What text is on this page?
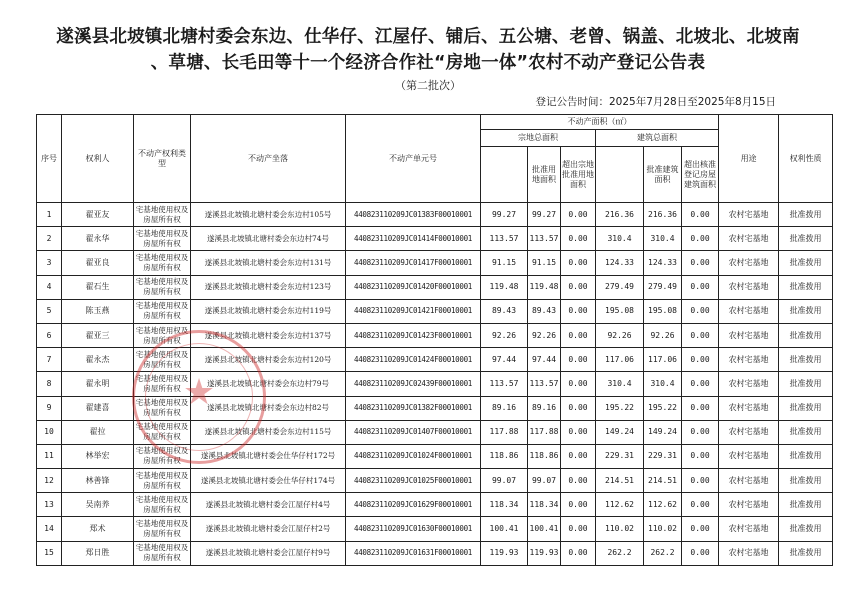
遂溪县北坡镇北塘村委会东边、仕华仔、江屋仔、铺后、五公塘、老曾、锅盖、北坡北、北坡南
、草塘、长毛田等十一个经济合作社“房地一体”农村不动产登记公告表
（第二批次）
登记公告时间：2025年7月28日至2025年8月15日
序号	权利人	不动产权利类型	不动产坐落	不动产单元号	不动产面积（㎡）						用途	权利性质
					宗地总面积			建筑总面积				
						批准用地面积	超出宗地批准用地面积		批准建筑面积	超出核准登记房屋建筑面积		
1	翟亚友	宅基地使用权及房屋所有权	遂溪县北坡镇北塘村委会东边村105号	440823110209JC01383F00010001	99.27	99.27	0.00	216.36	216.36	0.00	农村宅基地	批准拨用
2	翟永华	宅基地使用权及房屋所有权	遂溪县北坡镇北塘村委会东边村74号	440823110209JC01414F00010001	113.57	113.57	0.00	310.4	310.4	0.00	农村宅基地	批准拨用
3	翟亚良	宅基地使用权及房屋所有权	遂溪县北坡镇北塘村委会东边村131号	440823110209JC01417F00010001	91.15	91.15	0.00	124.33	124.33	0.00	农村宅基地	批准拨用
4	翟石生	宅基地使用权及房屋所有权	遂溪县北坡镇北塘村委会东边村123号	440823110209JC01420F00010001	119.48	119.48	0.00	279.49	279.49	0.00	农村宅基地	批准拨用
5	陈玉燕	宅基地使用权及房屋所有权	遂溪县北坡镇北塘村委会东边村119号	440823110209JC01421F00010001	89.43	89.43	0.00	195.08	195.08	0.00	农村宅基地	批准拨用
6	翟亚三	宅基地使用权及房屋所有权	遂溪县北坡镇北塘村委会东边村137号	440823110209JC01423F00010001	92.26	92.26	0.00	92.26	92.26	0.00	农村宅基地	批准拨用
7	翟永杰	宅基地使用权及房屋所有权	遂溪县北坡镇北塘村委会东边村120号	440823110209JC01424F00010001	97.44	97.44	0.00	117.06	117.06	0.00	农村宅基地	批准拨用
8	翟永明	宅基地使用权及房屋所有权	遂溪县北坡镇北塘村委会东边村79号	440823110209JC02439F00010001	113.57	113.57	0.00	310.4	310.4	0.00	农村宅基地	批准拨用
9	翟建喜	宅基地使用权及房屋所有权	遂溪县北坡镇北塘村委会东边村82号	440823110209JC01382F00010001	89.16	89.16	0.00	195.22	195.22	0.00	农村宅基地	批准拨用
10	翟拉	宅基地使用权及房屋所有权	遂溪县北坡镇北塘村委会东边村115号	440823110209JC01407F00010001	117.88	117.88	0.00	149.24	149.24	0.00	农村宅基地	批准拨用
11	林举宏	宅基地使用权及房屋所有权	遂溪县北坡镇北塘村委会仕华仔村172号	440823110209JC01024F00010001	118.86	118.86	0.00	229.31	229.31	0.00	农村宅基地	批准拨用
12	林善锋	宅基地使用权及房屋所有权	遂溪县北坡镇北塘村委会仕华仔村174号	440823110209JC01025F00010001	99.07	99.07	0.00	214.51	214.51	0.00	农村宅基地	批准拨用
13	吴南养	宅基地使用权及房屋所有权	遂溪县北坡镇北塘村委会江屋仔村4号	440823110209JC01629F00010001	118.34	118.34	0.00	112.62	112.62	0.00	农村宅基地	批准拨用
14	郑术	宅基地使用权及房屋所有权	遂溪县北坡镇北塘村委会江屋仔村2号	440823110209JC01630F00010001	100.41	100.41	0.00	110.02	110.02	0.00	农村宅基地	批准拨用
15	郑日胜	宅基地使用权及房屋所有权	遂溪县北坡镇北塘村委会江屋仔村9号	440823110209JC01631F00010001	119.93	119.93	0.00	262.2	262.2	0.00	农村宅基地	批准拨用
★
